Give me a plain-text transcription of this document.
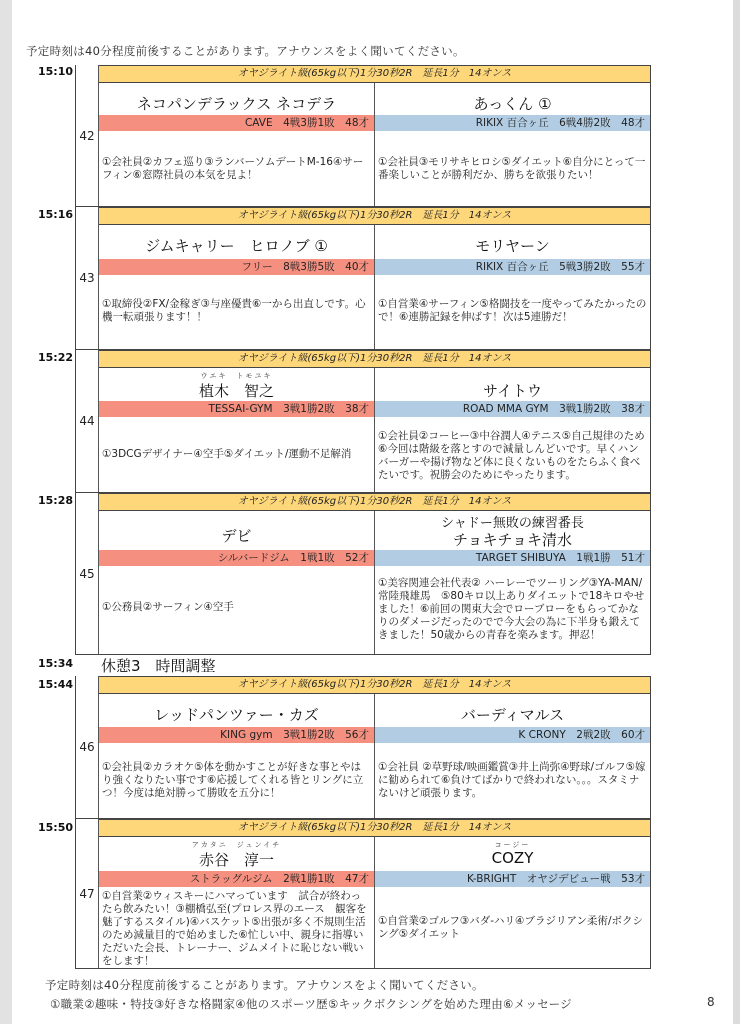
予定時刻は40分程度前後することがあります。アナウンスをよく聞いてください。
15:10
42
オヤジライト級(65kg以下)1分30秒2R　延長1分　14オンス
ネコパンデラックス ネコデラ
CAVE　4戦3勝1敗　48才
①会社員②カフェ巡り③ランバーソムデートM-16④サーフィン⑥窓際社員の本気を見よ！
あっくん ①
RIKIX 百合ヶ丘　6戦4勝2敗　48才
①会社員③モリサキヒロシ⑤ダイエット⑥自分にとって一番楽しいことが勝利だか、勝ちを欲張りたい！
15:16
43
オヤジライト級(65kg以下)1分30秒2R　延長1分　14オンス
ジムキャリー　ヒロノブ ①
フリー　8戦3勝5敗　40才
①取締役②FX/金稼ぎ③与座優貴⑥一から出直しです。心機一転頑張ります！！
モリヤーン
RIKIX 百合ヶ丘　5戦3勝2敗　55才
①自営業④サーフィン⑤格闘技を一度やってみたかったので！⑥連勝記録を伸ばす！次は5連勝だ！
15:22
44
オヤジライト級(65kg以下)1分30秒2R　延長1分　14オンス
ウエキ　トモユキ
植木　智之
TESSAI-GYM　3戦1勝2敗　38才
①3DCGデザイナー④空手⑤ダイエット/運動不足解消
サイトウ
ROAD MMA GYM　3戦1勝2敗　38才
①会社員②コーヒー③中谷潤人④テニス⑤自己規律のため⑥今回は階級を落とすので減量しんどいです。早くハンバーガーや揚げ物など体に良くないものをたらふく食べたいです。祝勝会のためにやったります。
15:28
45
オヤジライト級(65kg以下)1分30秒2R　延長1分　14オンス
デビ
シルバードジム　1戦1敗　52才
①公務員②サーフィン④空手
シャドー無敗の練習番長
チョキチョキ清水
TARGET SHIBUYA　1戦1勝　51才
①美容関連会社代表② ハーレーでツーリング③YA-MAN/常陸飛雄馬　⑤80キロ以上ありダイエットで18キロやせました！⑥前回の関東大会でローブローをもらってかなりのダメージだったのでで今大会の為に下半身も鍛えてきました！50歳からの青春を楽みます。押忍！
15:34 休憩3　時間調整
15:44
46
オヤジライト級(65kg以下)1分30秒2R　延長1分　14オンス
レッドパンツァー・カズ
KING gym　3戦1勝2敗　56才
①会社員②カラオケ⑤体を動かすことが好きな事とやはり強くなりたい事です⑥応援してくれる皆とリングに立つ！今度は絶対勝って勝敗を五分に！
バーディマルス
K CRONY　2戦2敗　60才
①会社員 ②草野球/映画鑑賞③井上尚弥④野球/ゴルフ⑤嫁に勧められて⑥負けてばかりで終われない。。。スタミナないけど頑張ります。
15:50
47
オヤジライト級(65kg以下)1分30秒2R　延長1分　14オンス
アカタニ　ジュンイチ
赤谷　淳一
ストラッグルジム　2戦1勝1敗　47才
①自営業②ウィスキーにハマっています　試合が終わったら飲みたい！③棚橋弘至(プロレス界のエース　観客を魅了するスタイル)④バスケット⑤出張が多く不規則生活のため減量目的で始めました⑥忙しい中、親身に指導いただいた会長、トレーナー、ジムメイトに恥じない戦いをします！
コージー
COZY
K-BRIGHT　オヤジデビュー戦　53才
①自営業②ゴルフ③バダ-ハリ④ブラジリアン柔術/ボクシング⑤ダイエット
予定時刻は40分程度前後することがあります。アナウンスをよく聞いてください。
①職業②趣味・特技③好きな格闘家④他のスポーツ歴⑤キックボクシングを始めた理由⑥メッセージ	8
